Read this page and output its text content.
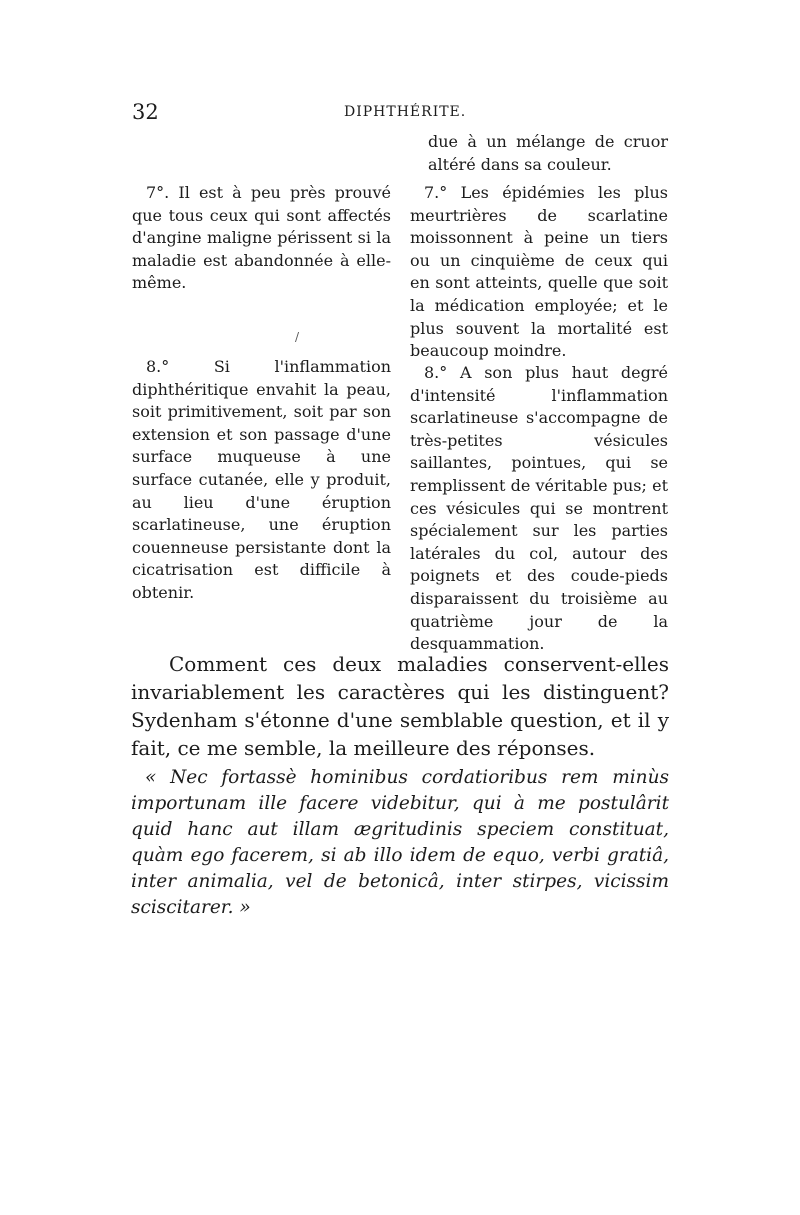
32	DIPHTHÉRITE.

due à un mélange de cruor altéré dans sa couleur.

7°. Il est à peu près prouvé que tous ceux qui sont affectés d'angine maligne périssent si la maladie est abandonnée à elle-même.

7.° Les épidémies les plus meurtrières de scarlatine moissonnent à peine un tiers ou un cinquième de ceux qui en sont atteints, quelle que soit la médication employée; et le plus souvent la mortalité est beaucoup moindre.

/

8.° Si l'inflammation diphthéritique envahit la peau, soit primitivement, soit par son extension et son passage d'une surface muqueuse à une surface cutanée, elle y produit, au lieu d'une éruption scarlatineuse, une éruption couenneuse persistante dont la cicatrisation est difficile à obtenir.

8.° A son plus haut degré d'intensité l'inflammation scarlatineuse s'accompagne de très-petites vésicules saillantes, pointues, qui se remplissent de véritable pus; et ces vésicules qui se montrent spécialement sur les parties latérales du col, autour des poignets et des coude-pieds disparaissent du troisième au quatrième jour de la desquammation.

Comment ces deux maladies conservent-elles invariablement les caractères qui les distinguent? Sydenham s'étonne d'une semblable question, et il y fait, ce me semble, la meilleure des réponses.

« Nec fortassè hominibus cordatioribus rem minùs importunam ille facere videbitur, qui à me postulârit quid hanc aut illam ægritudinis speciem constituat, quàm ego facerem, si ab illo idem de equo, verbi gratiâ, inter animalia, vel de betonicâ, inter stirpes, vicissim sciscitarer. »
